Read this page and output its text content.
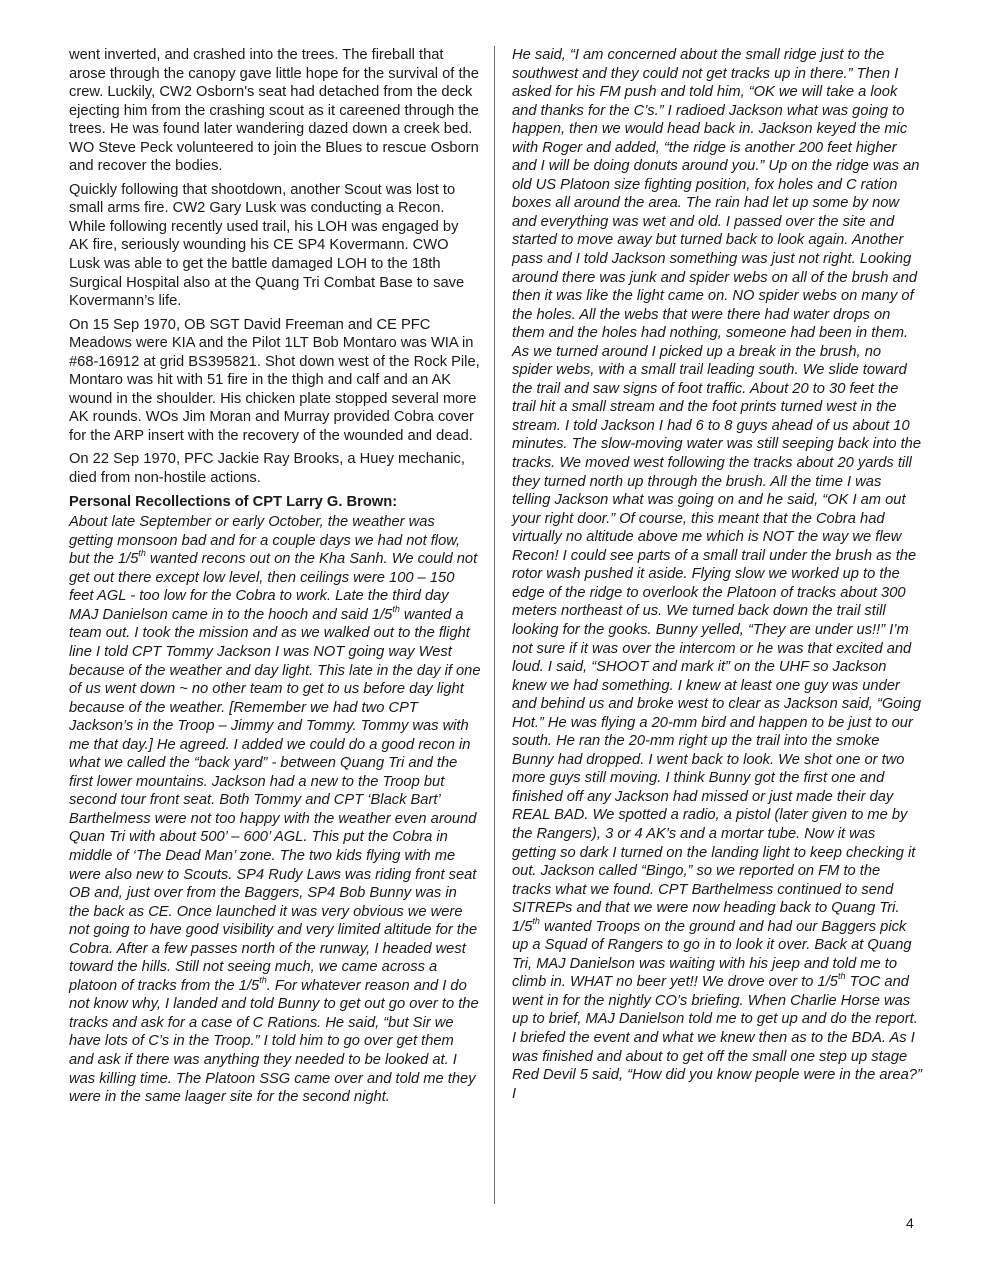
went inverted, and crashed into the trees. The fireball that arose through the canopy gave little hope for the survival of the crew. Luckily, CW2 Osborn's seat had detached from the deck ejecting him from the crashing scout as it careened through the trees. He was found later wandering dazed down a creek bed. WO Steve Peck volunteered to join the Blues to rescue Osborn and recover the bodies.

Quickly following that shootdown, another Scout was lost to small arms fire. CW2 Gary Lusk was conducting a Recon. While following recently used trail, his LOH was engaged by AK fire, seriously wounding his CE SP4 Kovermann. CWO Lusk was able to get the battle damaged LOH to the 18th Surgical Hospital also at the Quang Tri Combat Base to save Kovermann’s life.

On 15 Sep 1970, OB SGT David Freeman and CE PFC Meadows were KIA and the Pilot 1LT Bob Montaro was WIA in #68-16912 at grid BS395821. Shot down west of the Rock Pile, Montaro was hit with 51 fire in the thigh and calf and an AK wound in the shoulder. His chicken plate stopped several more AK rounds. WOs Jim Moran and Murray provided Cobra cover for the ARP insert with the recovery of the wounded and dead.

On 22 Sep 1970, PFC Jackie Ray Brooks, a Huey mechanic, died from non-hostile actions.

Personal Recollections of CPT Larry G. Brown:

About late September or early October, the weather was getting monsoon bad and for a couple days we had not flow, but the 1/5th wanted recons out on the Kha Sanh. We could not get out there except low level, then ceilings were 100 – 150 feet AGL - too low for the Cobra to work. Late the third day MAJ Danielson came in to the hooch and said 1/5th wanted a team out. I took the mission and as we walked out to the flight line I told CPT Tommy Jackson I was NOT going way West because of the weather and day light. This late in the day if one of us went down ~ no other team to get to us before day light because of the weather. [Remember we had two CPT Jackson’s in the Troop – Jimmy and Tommy. Tommy was with me that day.] He agreed. I added we could do a good recon in what we called the “back yard” - between Quang Tri and the first lower mountains. Jackson had a new to the Troop but second tour front seat. Both Tommy and CPT ‘Black Bart’ Barthelmess were not too happy with the weather even around Quan Tri with about 500’ – 600’ AGL. This put the Cobra in middle of ‘The Dead Man’ zone. The two kids flying with me were also new to Scouts. SP4 Rudy Laws was riding front seat OB and, just over from the Baggers, SP4 Bob Bunny was in the back as CE. Once launched it was very obvious we were not going to have good visibility and very limited altitude for the Cobra. After a few passes north of the runway, I headed west toward the hills. Still not seeing much, we came across a platoon of tracks from the 1/5th. For whatever reason and I do not know why, I landed and told Bunny to get out go over to the tracks and ask for a case of C Rations. He said, “but Sir we have lots of C’s in the Troop.” I told him to go over get them and ask if there was anything they needed to be looked at. I was killing time. The Platoon SSG came over and told me they were in the same laager site for the second night.

He said, “I am concerned about the small ridge just to the southwest and they could not get tracks up in there.” Then I asked for his FM push and told him, “OK we will take a look and thanks for the C’s.” I radioed Jackson what was going to happen, then we would head back in. Jackson keyed the mic with Roger and added, “the ridge is another 200 feet higher and I will be doing donuts around you.” Up on the ridge was an old US Platoon size fighting position, fox holes and C ration boxes all around the area. The rain had let up some by now and everything was wet and old. I passed over the site and started to move away but turned back to look again. Another pass and I told Jackson something was just not right. Looking around there was junk and spider webs on all of the brush and then it was like the light came on. NO spider webs on many of the holes. All the webs that were there had water drops on them and the holes had nothing, someone had been in them. As we turned around I picked up a break in the brush, no spider webs, with a small trail leading south. We slide toward the trail and saw signs of foot traffic. About 20 to 30 feet the trail hit a small stream and the foot prints turned west in the stream. I told Jackson I had 6 to 8 guys ahead of us about 10 minutes. The slow-moving water was still seeping back into the tracks. We moved west following the tracks about 20 yards till they turned north up through the brush. All the time I was telling Jackson what was going on and he said, “OK I am out your right door.” Of course, this meant that the Cobra had virtually no altitude above me which is NOT the way we flew Recon! I could see parts of a small trail under the brush as the rotor wash pushed it aside. Flying slow we worked up to the edge of the ridge to overlook the Platoon of tracks about 300 meters northeast of us. We turned back down the trail still looking for the gooks. Bunny yelled, “They are under us!!” I’m not sure if it was over the intercom or he was that excited and loud. I said, “SHOOT and mark it” on the UHF so Jackson knew we had something. I knew at least one guy was under and behind us and broke west to clear as Jackson said, “Going Hot.” He was flying a 20-mm bird and happen to be just to our south. He ran the 20-mm right up the trail into the smoke Bunny had dropped. I went back to look. We shot one or two more guys still moving. I think Bunny got the first one and finished off any Jackson had missed or just made their day REAL BAD. We spotted a radio, a pistol (later given to me by the Rangers), 3 or 4 AK’s and a mortar tube. Now it was getting so dark I turned on the landing light to keep checking it out. Jackson called “Bingo,” so we reported on FM to the tracks what we found. CPT Barthelmess continued to send SITREPs and that we were now heading back to Quang Tri. 1/5th wanted Troops on the ground and had our Baggers pick up a Squad of Rangers to go in to look it over. Back at Quang Tri, MAJ Danielson was waiting with his jeep and told me to climb in. WHAT no beer yet!! We drove over to 1/5th TOC and went in for the nightly CO’s briefing. When Charlie Horse was up to brief, MAJ Danielson told me to get up and do the report. I briefed the event and what we knew then as to the BDA. As I was finished and about to get off the small one step up stage Red Devil 5 said, “How did you know people were in the area?” I

4
